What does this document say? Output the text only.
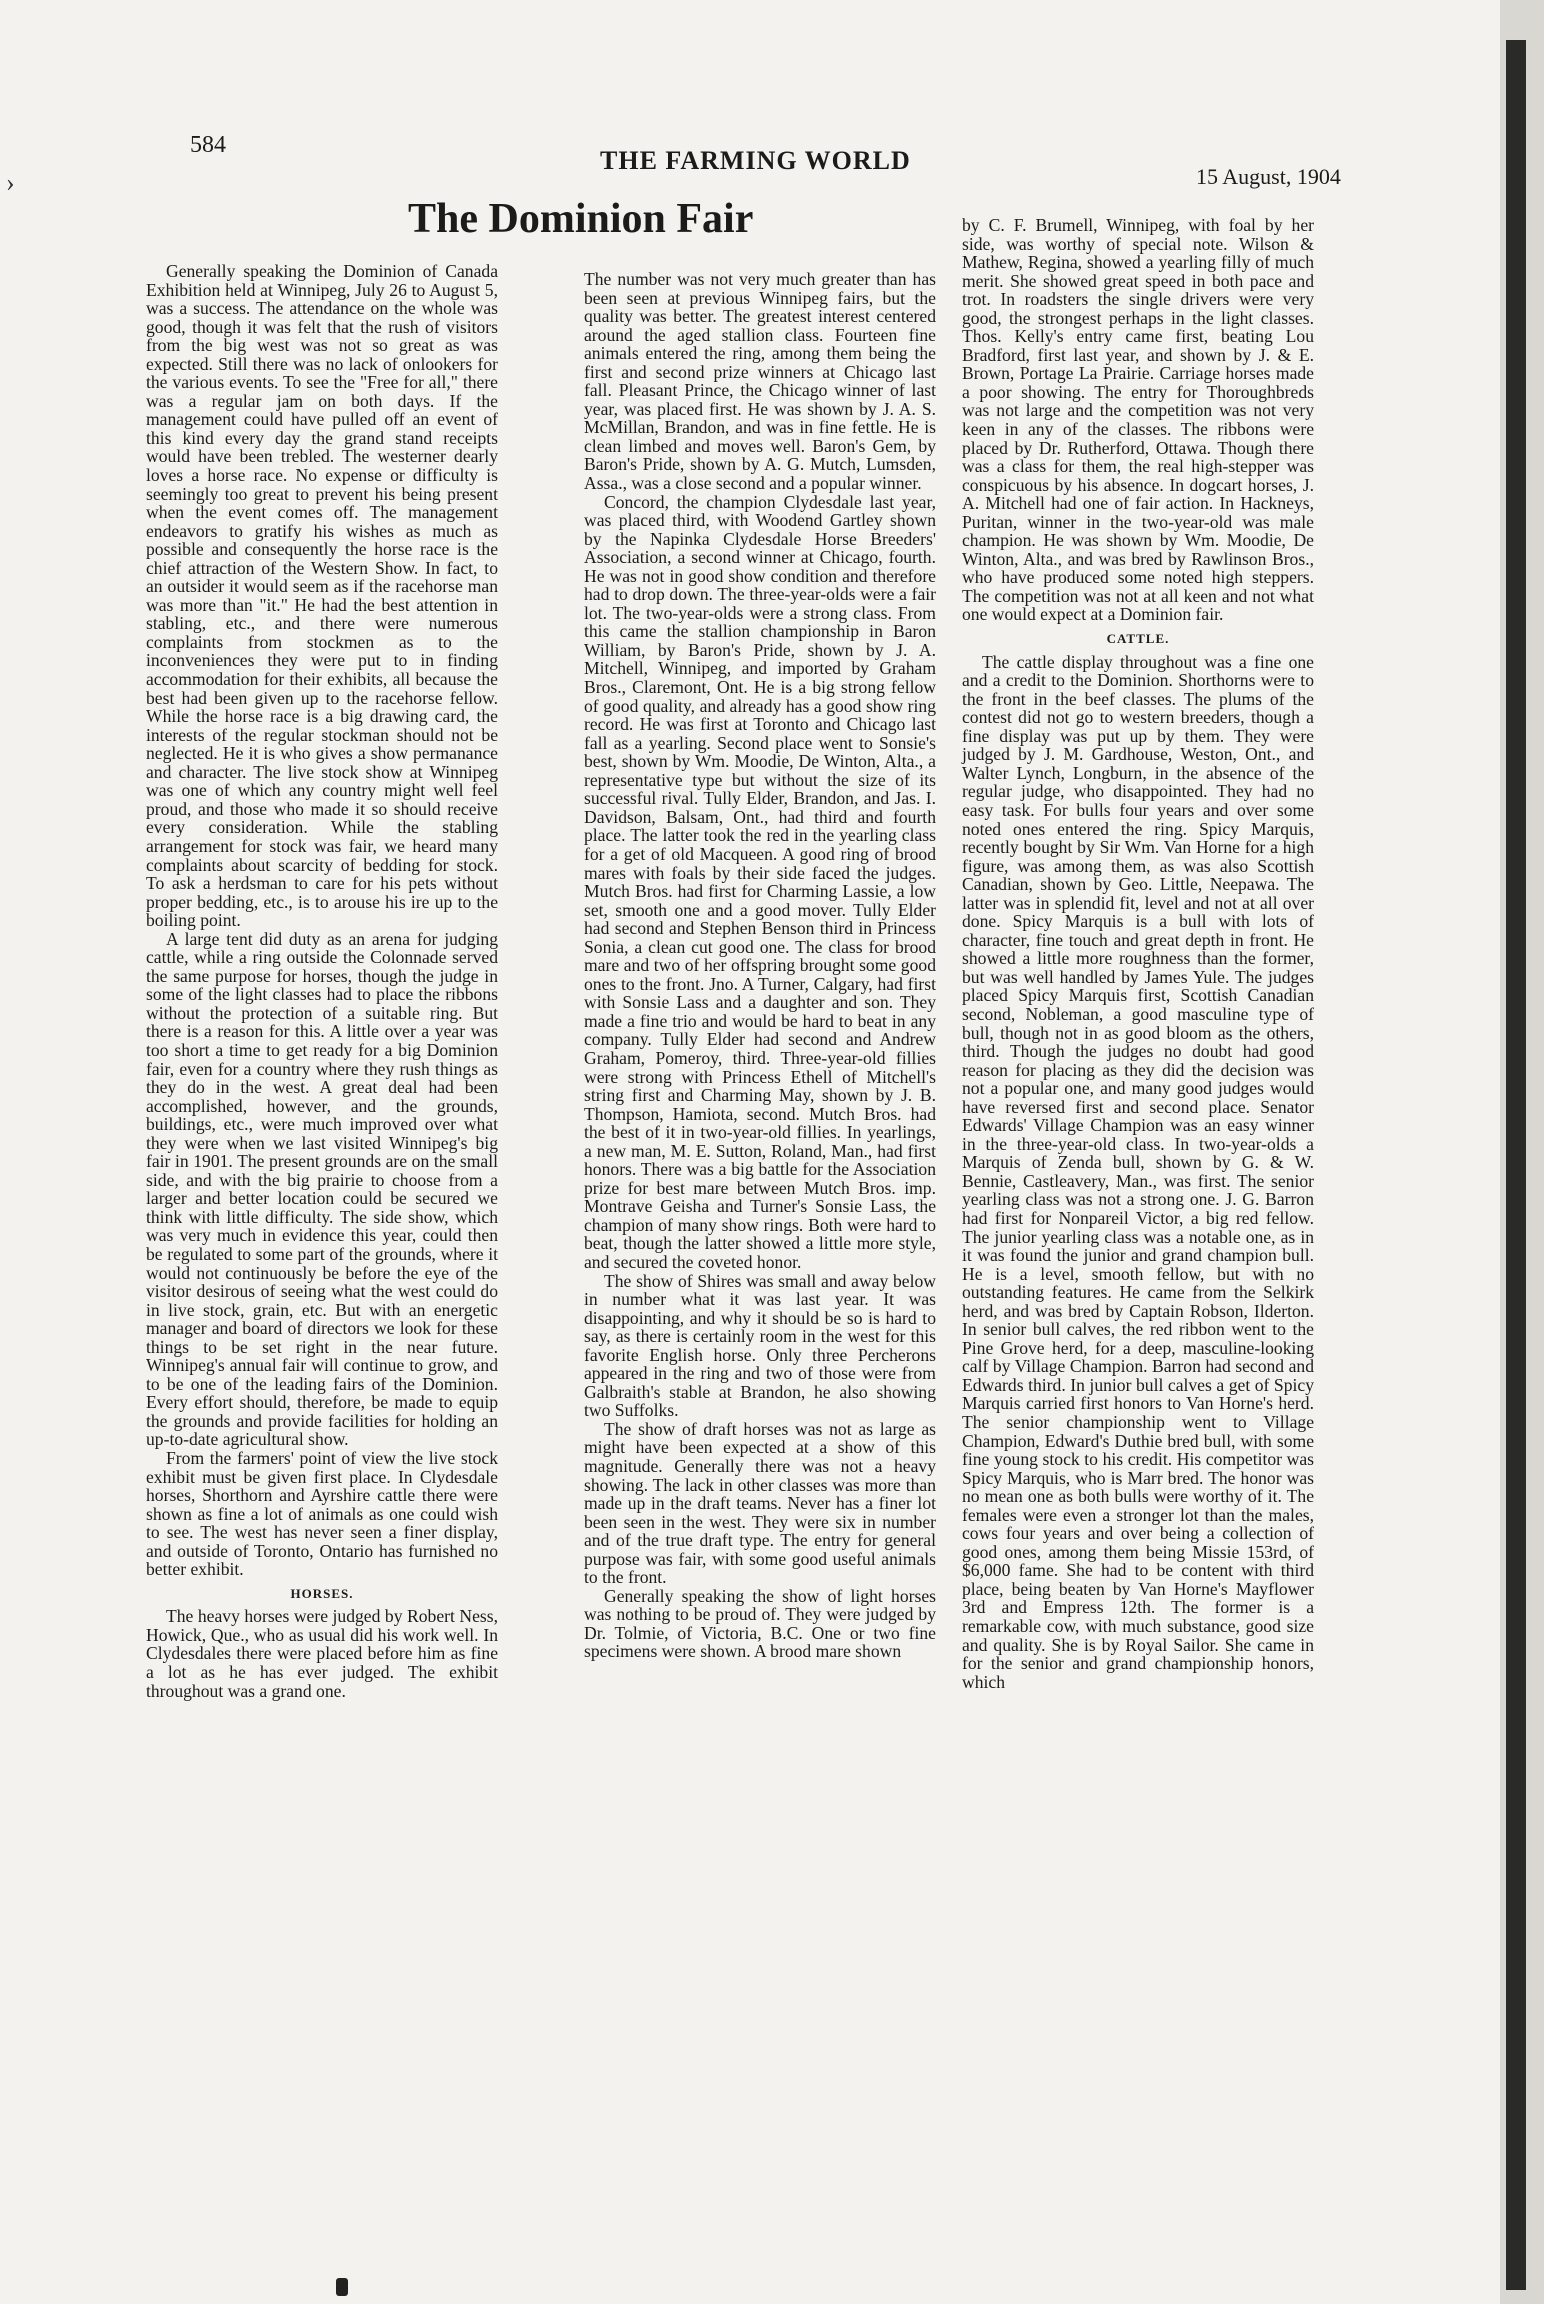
584
THE FARMING WORLD
15 August, 1904
The Dominion Fair

Generally speaking the Dominion of Canada Exhibition held at Winnipeg, July 26 to August 5, was a success. The attendance on the whole was good, though it was felt that the rush of visitors from the big west was not so great as was expected. Still there was no lack of onlookers for the various events. To see the "Free for all," there was a regular jam on both days. If the management could have pulled off an event of this kind every day the grand stand receipts would have been trebled. The westerner dearly loves a horse race. No expense or difficulty is seemingly too great to prevent his being present when the event comes off. The management endeavors to gratify his wishes as much as possible and consequently the horse race is the chief attraction of the Western Show. In fact, to an outsider it would seem as if the racehorse man was more than "it." He had the best attention in stabling, etc., and there were numerous complaints from stockmen as to the inconveniences they were put to in finding accommodation for their exhibits, all because the best had been given up to the racehorse fellow. While the horse race is a big drawing card, the interests of the regular stockman should not be neglected. He it is who gives a show permanance and character. The live stock show at Winnipeg was one of which any country might well feel proud, and those who made it so should receive every consideration. While the stabling arrangement for stock was fair, we heard many complaints about scarcity of bedding for stock. To ask a herdsman to care for his pets without proper bedding, etc., is to arouse his ire up to the boiling point.

A large tent did duty as an arena for judging cattle, while a ring outside the Colonnade served the same purpose for horses, though the judge in some of the light classes had to place the ribbons without the protection of a suitable ring. But there is a reason for this. A little over a year was too short a time to get ready for a big Dominion fair, even for a country where they rush things as they do in the west. A great deal had been accomplished, however, and the grounds, buildings, etc., were much improved over what they were when we last visited Winnipeg's big fair in 1901. The present grounds are on the small side, and with the big prairie to choose from a larger and better location could be secured we think with little difficulty. The side show, which was very much in evidence this year, could then be regulated to some part of the grounds, where it would not continuously be before the eye of the visitor desirous of seeing what the west could do in live stock, grain, etc. But with an energetic manager and board of directors we look for these things to be set right in the near future. Winnipeg's annual fair will continue to grow, and to be one of the leading fairs of the Dominion. Every effort should, therefore, be made to equip the grounds and provide facilities for holding an up-to-date agricultural show.

From the farmers' point of view the live stock exhibit must be given first place. In Clydesdale horses, Shorthorn and Ayrshire cattle there were shown as fine a lot of animals as one could wish to see. The west has never seen a finer display, and outside of Toronto, Ontario has furnished no better exhibit.

HORSES.

The heavy horses were judged by Robert Ness, Howick, Que., who as usual did his work well. In Clydesdales there were placed before him as fine a lot as he has ever judged. The exhibit throughout was a grand one.

The number was not very much greater than has been seen at previous Winnipeg fairs, but the quality was better. The greatest interest centered around the aged stallion class. Fourteen fine animals entered the ring, among them being the first and second prize winners at Chicago last fall. Pleasant Prince, the Chicago winner of last year, was placed first. He was shown by J. A. S. McMillan, Brandon, and was in fine fettle. He is clean limbed and moves well. Baron's Gem, by Baron's Pride, shown by A. G. Mutch, Lumsden, Assa., was a close second and a popular winner.

Concord, the champion Clydesdale last year, was placed third, with Woodend Gartley shown by the Napinka Clydesdale Horse Breeders' Association, a second winner at Chicago, fourth. He was not in good show condition and therefore had to drop down. The three-year-olds were a fair lot. The two-year-olds were a strong class. From this came the stallion championship in Baron William, by Baron's Pride, shown by J. A. Mitchell, Winnipeg, and imported by Graham Bros., Claremont, Ont. He is a big strong fellow of good quality, and already has a good show ring record. He was first at Toronto and Chicago last fall as a yearling. Second place went to Sonsie's best, shown by Wm. Moodie, De Winton, Alta., a representative type but without the size of its successful rival. Tully Elder, Brandon, and Jas. I. Davidson, Balsam, Ont., had third and fourth place. The latter took the red in the yearling class for a get of old Macqueen. A good ring of brood mares with foals by their side faced the judges. Mutch Bros. had first for Charming Lassie, a low set, smooth one and a good mover. Tully Elder had second and Stephen Benson third in Princess Sonia, a clean cut good one. The class for brood mare and two of her offspring brought some good ones to the front. Jno. A Turner, Calgary, had first with Sonsie Lass and a daughter and son. They made a fine trio and would be hard to beat in any company. Tully Elder had second and Andrew Graham, Pomeroy, third. Three-year-old fillies were strong with Princess Ethell of Mitchell's string first and Charming May, shown by J. B. Thompson, Hamiota, second. Mutch Bros. had the best of it in two-year-old fillies. In yearlings, a new man, M. E. Sutton, Roland, Man., had first honors. There was a big battle for the Association prize for best mare between Mutch Bros. imp. Montrave Geisha and Turner's Sonsie Lass, the champion of many show rings. Both were hard to beat, though the latter showed a little more style, and secured the coveted honor.

The show of Shires was small and away below in number what it was last year. It was disappointing, and why it should be so is hard to say, as there is certainly room in the west for this favorite English horse. Only three Percherons appeared in the ring and two of those were from Galbraith's stable at Brandon, he also showing two Suffolks.

The show of draft horses was not as large as might have been expected at a show of this magnitude. Generally there was not a heavy showing. The lack in other classes was more than made up in the draft teams. Never has a finer lot been seen in the west. They were six in number and of the true draft type. The entry for general purpose was fair, with some good useful animals to the front.

Generally speaking the show of light horses was nothing to be proud of. They were judged by Dr. Tolmie, of Victoria, B.C. One or two fine specimens were shown. A brood mare shown

by C. F. Brumell, Winnipeg, with foal by her side, was worthy of special note. Wilson & Mathew, Regina, showed a yearling filly of much merit. She showed great speed in both pace and trot. In roadsters the single drivers were very good, the strongest perhaps in the light classes. Thos. Kelly's entry came first, beating Lou Bradford, first last year, and shown by J. & E. Brown, Portage La Prairie. Carriage horses made a poor showing. The entry for Thoroughbreds was not large and the competition was not very keen in any of the classes. The ribbons were placed by Dr. Rutherford, Ottawa. Though there was a class for them, the real high-stepper was conspicuous by his absence. In dogcart horses, J. A. Mitchell had one of fair action. In Hackneys, Puritan, winner in the two-year-old was male champion. He was shown by Wm. Moodie, De Winton, Alta., and was bred by Rawlinson Bros., who have produced some noted high steppers. The competition was not at all keen and not what one would expect at a Dominion fair.

CATTLE.

The cattle display throughout was a fine one and a credit to the Dominion. Shorthorns were to the front in the beef classes. The plums of the contest did not go to western breeders, though a fine display was put up by them. They were judged by J. M. Gardhouse, Weston, Ont., and Walter Lynch, Longburn, in the absence of the regular judge, who disappointed. They had no easy task. For bulls four years and over some noted ones entered the ring. Spicy Marquis, recently bought by Sir Wm. Van Horne for a high figure, was among them, as was also Scottish Canadian, shown by Geo. Little, Neepawa. The latter was in splendid fit, level and not at all over done. Spicy Marquis is a bull with lots of character, fine touch and great depth in front. He showed a little more roughness than the former, but was well handled by James Yule. The judges placed Spicy Marquis first, Scottish Canadian second, Nobleman, a good masculine type of bull, though not in as good bloom as the others, third. Though the judges no doubt had good reason for placing as they did the decision was not a popular one, and many good judges would have reversed first and second place. Senator Edwards' Village Champion was an easy winner in the three-year-old class. In two-year-olds a Marquis of Zenda bull, shown by G. & W. Bennie, Castleavery, Man., was first. The senior yearling class was not a strong one. J. G. Barron had first for Nonpareil Victor, a big red fellow. The junior yearling class was a notable one, as in it was found the junior and grand champion bull. He is a level, smooth fellow, but with no outstanding features. He came from the Selkirk herd, and was bred by Captain Robson, Ilderton. In senior bull calves, the red ribbon went to the Pine Grove herd, for a deep, masculine-looking calf by Village Champion. Barron had second and Edwards third. In junior bull calves a get of Spicy Marquis carried first honors to Van Horne's herd. The senior championship went to Village Champion, Edward's Duthie bred bull, with some fine young stock to his credit. His competitor was Spicy Marquis, who is Marr bred. The honor was no mean one as both bulls were worthy of it. The females were even a stronger lot than the males, cows four years and over being a collection of good ones, among them being Missie 153rd, of $6,000 fame. She had to be content with third place, being beaten by Van Horne's Mayflower 3rd and Empress 12th. The former is a remarkable cow, with much substance, good size and quality. She is by Royal Sailor. She came in for the senior and grand championship honors, which

›
